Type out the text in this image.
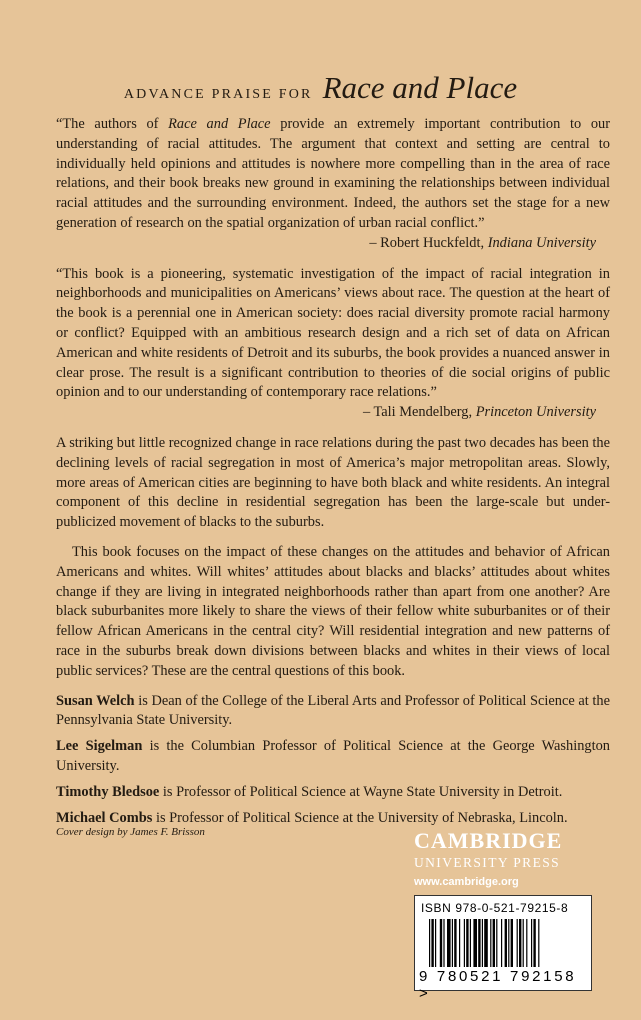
ADVANCE PRAISE FOR Race and Place

“The authors of Race and Place provide an extremely important contribution to our understanding of racial attitudes. The argument that context and setting are central to individually held opinions and attitudes is nowhere more compelling than in the area of race relations, and their book breaks new ground in examining the relationships between individual racial attitudes and the surrounding environment. Indeed, the authors set the stage for a new generation of research on the spatial organization of urban racial conflict.”

– Robert Huckfeldt, Indiana University

“This book is a pioneering, systematic investigation of the impact of racial integration in neighborhoods and municipalities on Americans’ views about race. The question at the heart of the book is a perennial one in American society: does racial diversity promote racial harmony or conflict? Equipped with an ambitious research design and a rich set of data on African American and white residents of Detroit and its suburbs, the book provides a nuanced answer in clear prose. The result is a significant contribution to theories of die social origins of public opinion and to our understanding of contemporary race relations.”

– Tali Mendelberg, Princeton University

A striking but little recognized change in race relations during the past two decades has been the declining levels of racial segregation in most of America’s major metropolitan areas. Slowly, more areas of American cities are beginning to have both black and white residents. An integral component of this decline in residential segregation has been the large-scale but under-publicized movement of blacks to the suburbs.

This book focuses on the impact of these changes on the attitudes and behavior of African Americans and whites. Will whites’ attitudes about blacks and blacks’ attitudes about whites change if they are living in integrated neighborhoods rather than apart from one another? Are black suburbanites more likely to share the views of their fellow white suburbanites or of their fellow African Americans in the central city? Will residential integration and new patterns of race in the suburbs break down divisions between blacks and whites in their views of local public services? These are the central questions of this book.

Susan Welch is Dean of the College of the Liberal Arts and Professor of Political Science at the Pennsylvania State University.

Lee Sigelman is the Columbian Professor of Political Science at the George Washington University.

Timothy Bledsoe is Professor of Political Science at Wayne State University in Detroit.

Michael Combs is Professor of Political Science at the University of Nebraska, Lincoln.

Cover design by James F. Brisson	CAMBRIDGE
UNIVERSITY PRESS
www.cambridge.org
ISBN 978-0-521-79215-8
9 780521 792158 >
